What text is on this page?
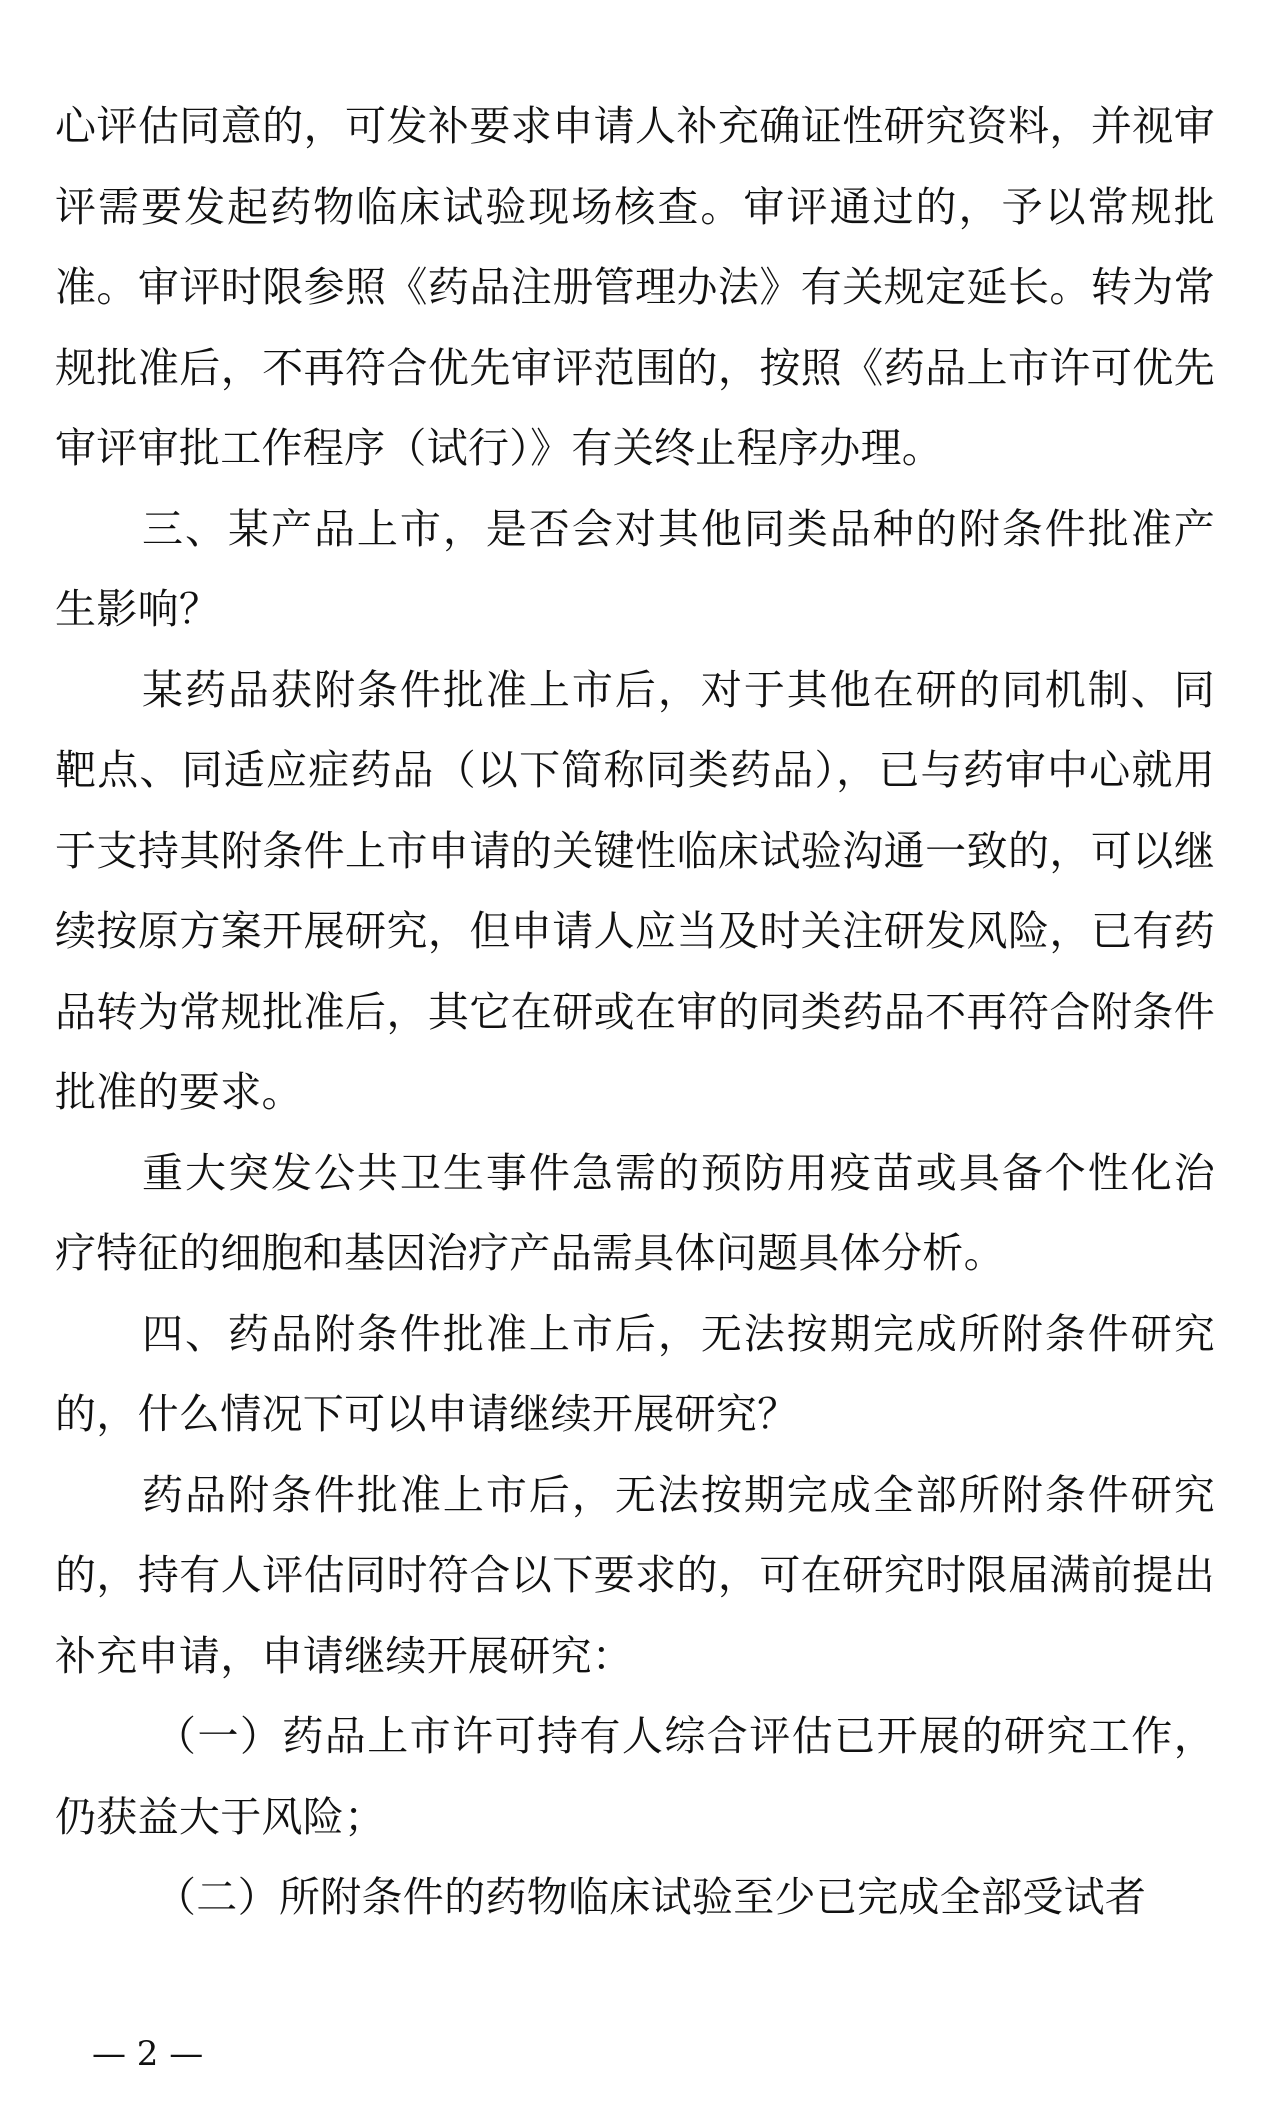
心评估同意的，可发补要求申请人补充确证性研究资料，并视审评需要发起药物临床试验现场核查。审评通过的，予以常规批准。审评时限参照《药品注册管理办法》有关规定延长。转为常规批准后，不再符合优先审评范围的，按照《药品上市许可优先审评审批工作程序（试行）》有关终止程序办理。

三、某产品上市，是否会对其他同类品种的附条件批准产生影响？

某药品获附条件批准上市后，对于其他在研的同机制、同靶点、同适应症药品（以下简称同类药品），已与药审中心就用于支持其附条件上市申请的关键性临床试验沟通一致的，可以继续按原方案开展研究，但申请人应当及时关注研发风险，已有药品转为常规批准后，其它在研或在审的同类药品不再符合附条件批准的要求。

重大突发公共卫生事件急需的预防用疫苗或具备个性化治疗特征的细胞和基因治疗产品需具体问题具体分析。

四、药品附条件批准上市后，无法按期完成所附条件研究的，什么情况下可以申请继续开展研究？

药品附条件批准上市后，无法按期完成全部所附条件研究的，持有人评估同时符合以下要求的，可在研究时限届满前提出补充申请，申请继续开展研究：

（一）药品上市许可持有人综合评估已开展的研究工作，仍获益大于风险；

（二）所附条件的药物临床试验至少已完成全部受试者

— 2 —
